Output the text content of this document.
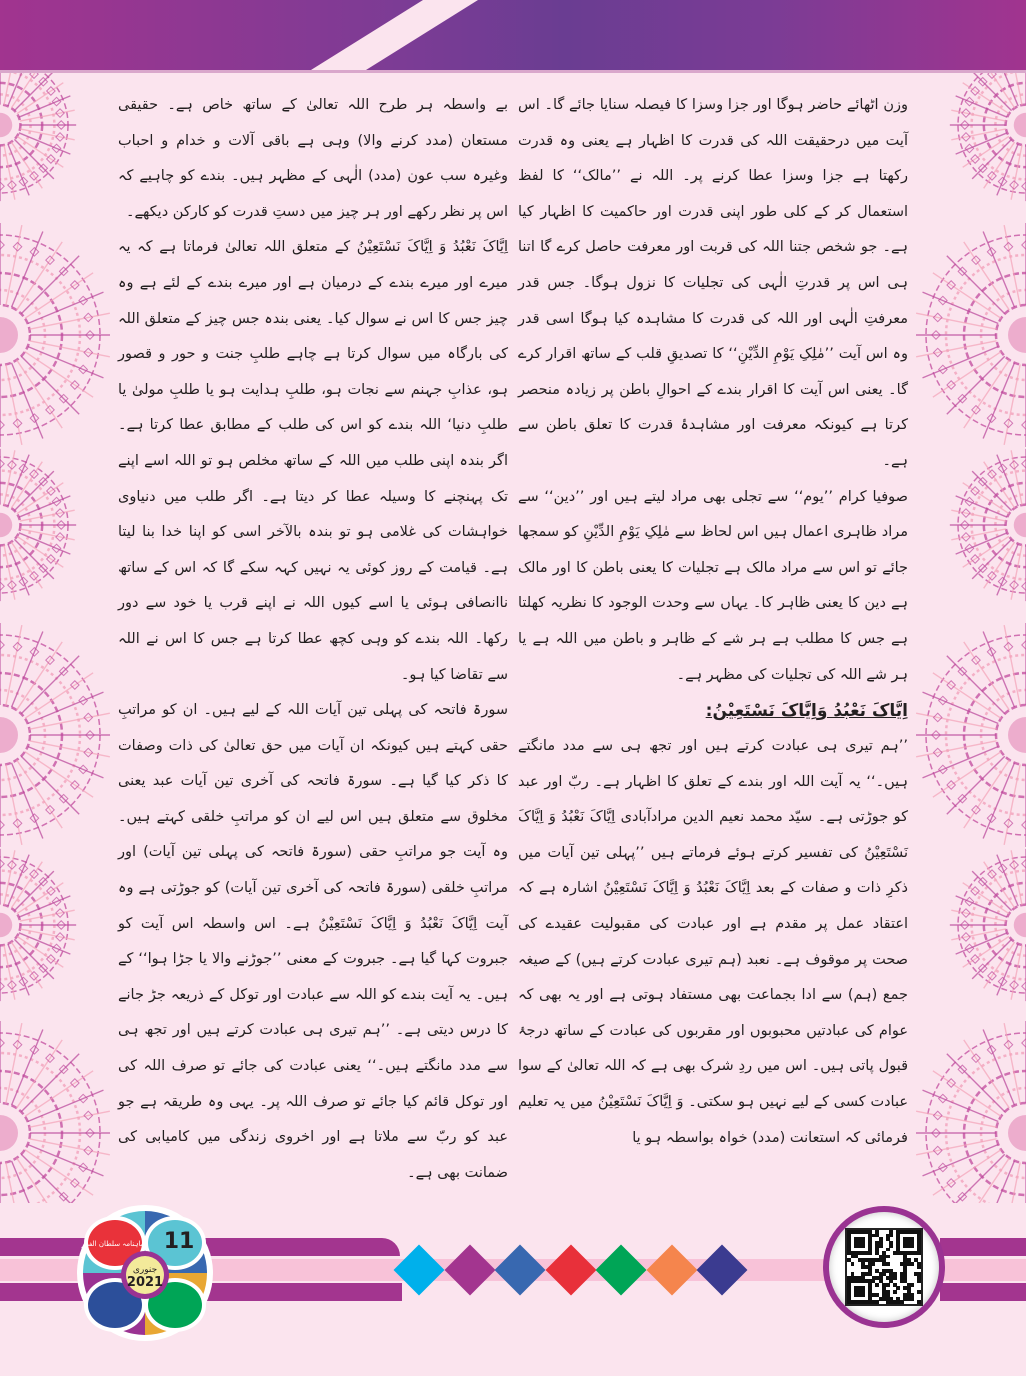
وزن اٹھائے حاضر ہوگا اور جزا وسزا کا فیصلہ سنایا جائے گا۔ اس آیت میں درحقیقت اللہ کی قدرت کا اظہار ہے یعنی وہ قدرت رکھتا ہے جزا وسزا عطا کرنے پر۔ اللہ نے ’’مالک‘‘ کا لفظ استعمال کر کے کلی طور اپنی قدرت اور حاکمیت کا اظہار کیا ہے۔ جو شخص جتنا اللہ کی قربت اور معرفت حاصل کرے گا اتنا ہی اس پر قدرتِ الٰہی کی تجلیات کا نزول ہوگا۔ جس قدر معرفتِ الٰہی اور اللہ کی قدرت کا مشاہدہ کیا ہوگا اسی قدر وہ اس آیت ’’مٰلِکِ یَوْمِ الدِّیْنِ‘‘ کا تصدیقِ قلب کے ساتھ اقرار کرے گا۔ یعنی اس آیت کا اقرار بندے کے احوالِ باطن پر زیادہ منحصر کرتا ہے کیونکہ معرفت اور مشاہدۂ قدرت کا تعلق باطن سے ہے۔

صوفیا کرام ’’یوم‘‘ سے تجلی بھی مراد لیتے ہیں اور ’’دین‘‘ سے مراد ظاہری اعمال ہیں اس لحاظ سے مٰلِکِ یَوْمِ الدِّیْنِ کو سمجھا جائے تو اس سے مراد مالک ہے تجلیات کا یعنی باطن کا اور مالک ہے دین کا یعنی ظاہر کا۔ یہاں سے وحدت الوجود کا نظریہ کھلتا ہے جس کا مطلب ہے ہر شے کے ظاہر و باطن میں اللہ ہے یا ہر شے اللہ کی تجلیات کی مظہر ہے۔

اِیَّاکَ نَعْبُدُ وَاِیَّاکَ نَسْتَعِیْنُ:

’’ہم تیری ہی عبادت کرتے ہیں اور تجھ ہی سے مدد مانگتے ہیں۔‘‘ یہ آیت اللہ اور بندے کے تعلق کا اظہار ہے۔ ربّ اور عبد کو جوڑتی ہے۔ سیّد محمد نعیم الدین مرادآبادی اِیَّاکَ نَعْبُدُ وَ اِیَّاکَ نَسْتَعِیْنُ کی تفسیر کرتے ہوئے فرماتے ہیں ’’پہلی تین آیات میں ذکرِ ذات و صفات کے بعد اِیَّاکَ نَعْبُدُ وَ اِیَّاکَ نَسْتَعِیْنُ اشارہ ہے کہ اعتقاد عمل پر مقدم ہے اور عبادت کی مقبولیت عقیدے کی صحت پر موقوف ہے۔ نعبد (ہم تیری عبادت کرتے ہیں) کے صیغہ جمع (ہم) سے ادا بجماعت بھی مستفاد ہوتی ہے اور یہ بھی کہ عوام کی عبادتیں محبوبوں اور مقربوں کی عبادت کے ساتھ درجۂ قبول پاتی ہیں۔ اس میں ردِ شرک بھی ہے کہ اللہ تعالیٰ کے سوا عبادت کسی کے لیے نہیں ہو سکتی۔ وَ اِیَّاکَ نَسْتَعِیْنُ میں یہ تعلیم فرمائی کہ استعانت (مدد) خواہ بواسطہ ہو یا

بے واسطہ ہر طرح اللہ تعالیٰ کے ساتھ خاص ہے۔ حقیقی مستعان (مدد کرنے والا) وہی ہے باقی آلات و خدام و احباب وغیرہ سب عون (مدد) الٰہی کے مظہر ہیں۔ بندے کو چاہیے کہ اس پر نظر رکھے اور ہر چیز میں دستِ قدرت کو کارکن دیکھے۔

اِیَّاکَ نَعْبُدُ وَ اِیَّاکَ نَسْتَعِیْنُ کے متعلق اللہ تعالیٰ فرماتا ہے کہ یہ میرے اور میرے بندے کے درمیان ہے اور میرے بندے کے لئے ہے وہ چیز جس کا اس نے سوال کیا۔ یعنی بندہ جس چیز کے متعلق اللہ کی بارگاہ میں سوال کرتا ہے چاہے طلبِ جنت و حور و قصور ہو، عذابِ جہنم سے نجات ہو، طلبِ ہدایت ہو یا طلبِ مولیٰ یا طلبِ دنیا‘ اللہ بندے کو اس کی طلب کے مطابق عطا کرتا ہے۔ اگر بندہ اپنی طلب میں اللہ کے ساتھ مخلص ہو تو اللہ اسے اپنے تک پہنچنے کا وسیلہ عطا کر دیتا ہے۔ اگر طلب میں دنیاوی خواہشات کی غلامی ہو تو بندہ بالآخر اسی کو اپنا خدا بنا لیتا ہے۔ قیامت کے روز کوئی یہ نہیں کہہ سکے گا کہ اس کے ساتھ ناانصافی ہوئی یا اسے کیوں اللہ نے اپنے قرب یا خود سے دور رکھا۔ اللہ بندے کو وہی کچھ عطا کرتا ہے جس کا اس نے اللہ سے تقاضا کیا ہو۔

سورۃ فاتحہ کی پہلی تین آیات اللہ کے لیے ہیں۔ ان کو مراتبِ حقی کہتے ہیں کیونکہ ان آیات میں حق تعالیٰ کی ذات وصفات کا ذکر کیا گیا ہے۔ سورۃ فاتحہ کی آخری تین آیات عبد یعنی مخلوق سے متعلق ہیں اس لیے ان کو مراتبِ خلقی کہتے ہیں۔ وہ آیت جو مراتبِ حقی (سورۃ فاتحہ کی پہلی تین آیات) اور مراتبِ خلقی (سورۃ فاتحہ کی آخری تین آیات) کو جوڑتی ہے وہ آیت اِیَّاکَ نَعْبُدُ وَ اِیَّاکَ نَسْتَعِیْنُ ہے۔ اس واسطہ اس آیت کو جبروت کہا گیا ہے۔ جبروت کے معنی ’’جوڑنے والا یا جڑا ہوا‘‘ کے ہیں۔ یہ آیت بندے کو اللہ سے عبادت اور توکل کے ذریعہ جڑ جانے کا درس دیتی ہے۔ ’’ہم تیری ہی عبادت کرتے ہیں اور تجھ ہی سے مدد مانگتے ہیں۔‘‘ یعنی عبادت کی جائے تو صرف اللہ کی اور توکل قائم کیا جائے تو صرف اللہ پر۔ یہی وہ طریقہ ہے جو عبد کو ربّ سے ملاتا ہے اور اخروی زندگی میں کامیابی کی ضمانت بھی ہے۔

جنوری
2021
11
ماہنامہ سلطان الفقر
